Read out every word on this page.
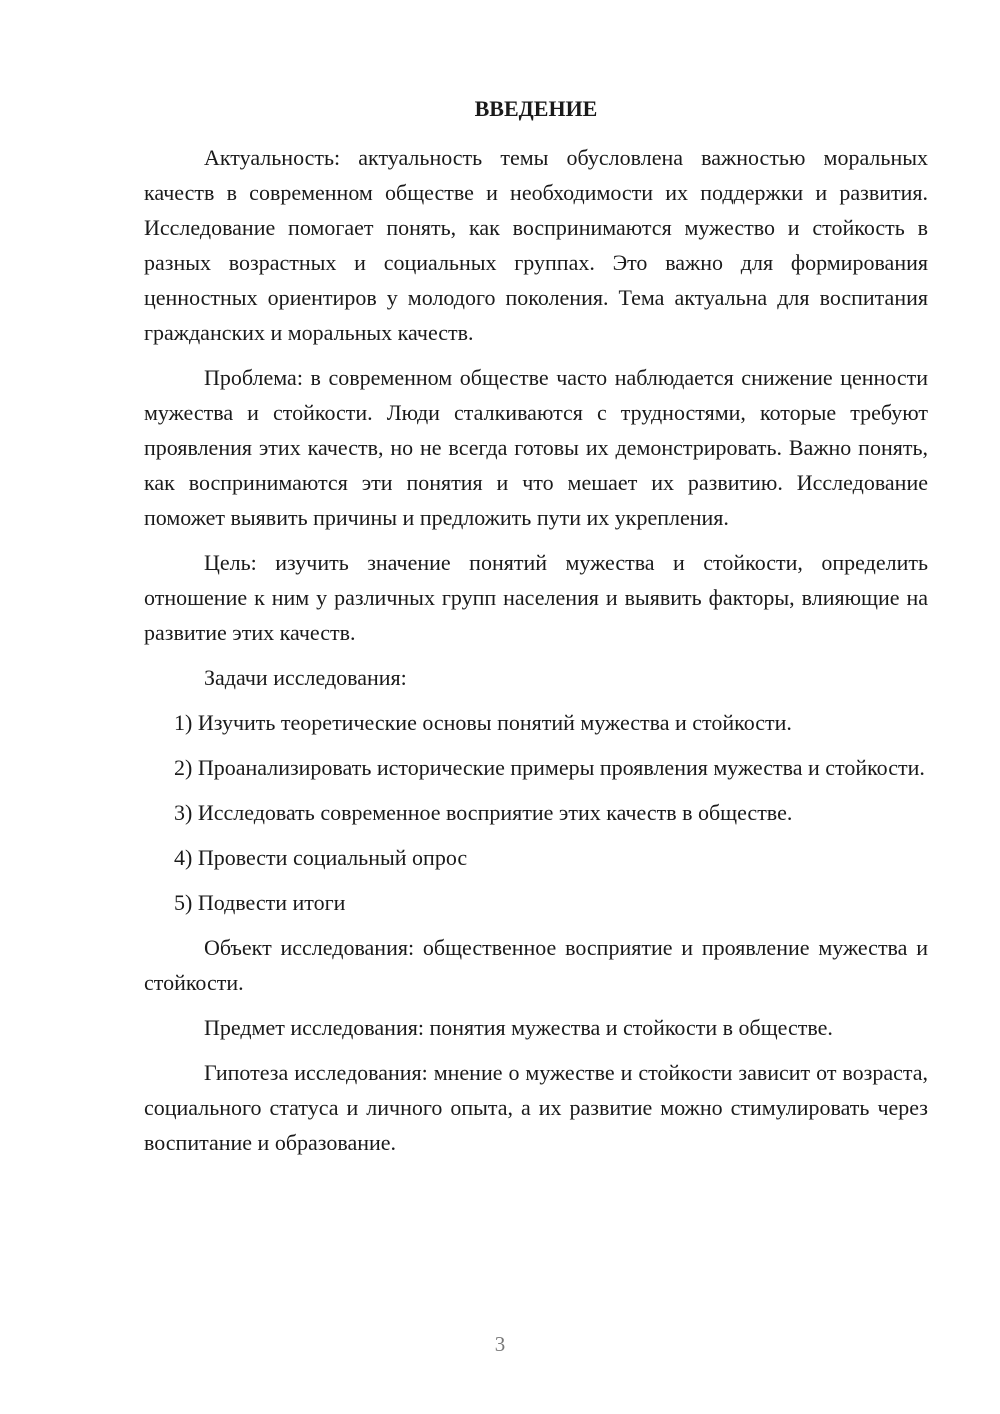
ВВЕДЕНИЕ

Актуальность: актуальность темы обусловлена важностью моральных качеств в современном обществе и необходимости их поддержки и развития. Исследование помогает понять, как воспринимаются мужество и стойкость в разных возрастных и социальных группах. Это важно для формирования ценностных ориентиров у молодого поколения. Тема актуальна для воспитания гражданских и моральных качеств.

Проблема: в современном обществе часто наблюдается снижение ценности мужества и стойкости. Люди сталкиваются с трудностями, которые требуют проявления этих качеств, но не всегда готовы их демонстрировать. Важно понять, как воспринимаются эти понятия и что мешает их развитию. Исследование поможет выявить причины и предложить пути их укрепления.

Цель: изучить значение понятий мужества и стойкости, определить отношение к ним у различных групп населения и выявить факторы, влияющие на развитие этих качеств.

Задачи исследования:

1) Изучить теоретические основы понятий мужества и стойкости.

2) Проанализировать исторические примеры проявления мужества и стойкости.

3) Исследовать современное восприятие этих качеств в обществе.

4) Провести социальный опрос

5) Подвести итоги

Объект исследования: общественное восприятие и проявление мужества и стойкости.

Предмет исследования: понятия мужества и стойкости в обществе.

Гипотеза исследования: мнение о мужестве и стойкости зависит от возраста, социального статуса и личного опыта, а их развитие можно стимулировать через воспитание и образование.

3
